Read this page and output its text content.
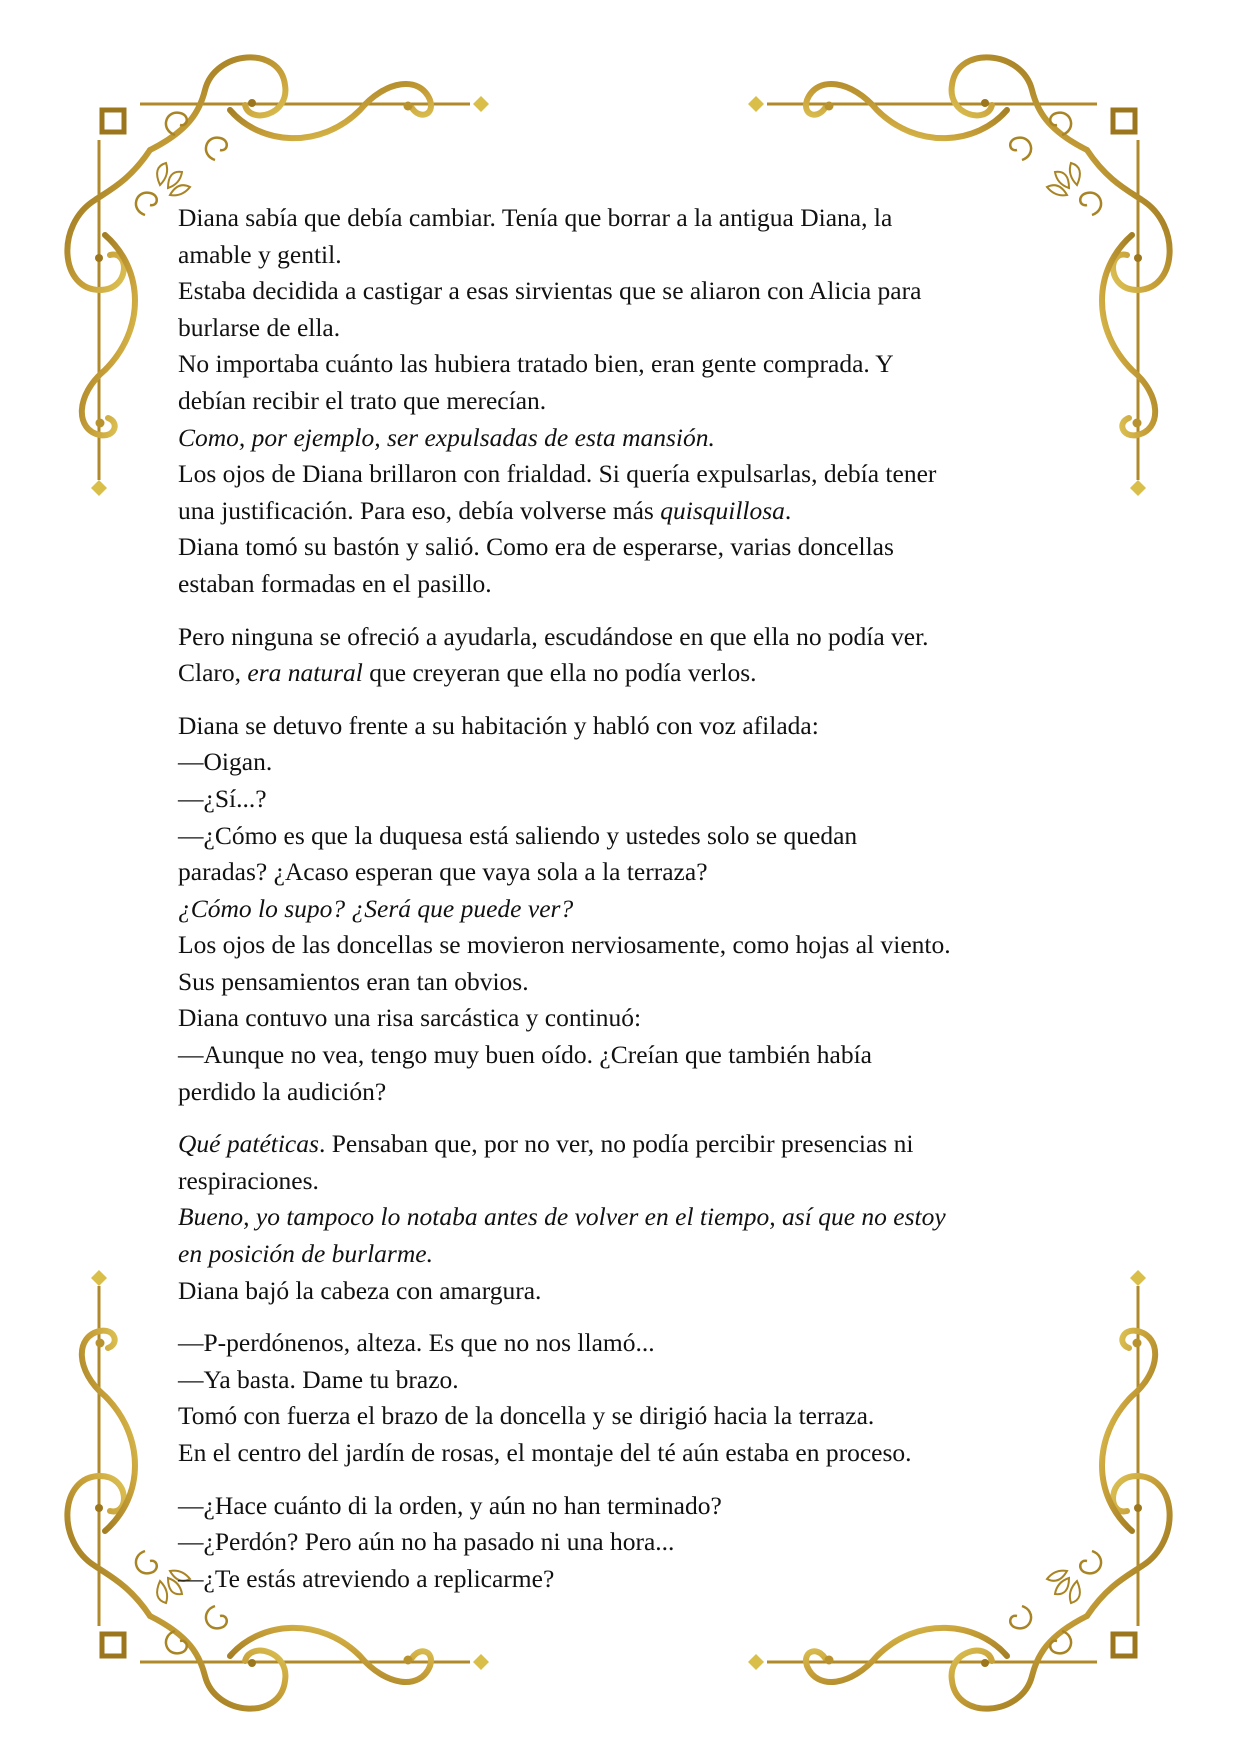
Diana sabía que debía cambiar. Tenía que borrar a la antigua Diana, la
amable y gentil.
Estaba decidida a castigar a esas sirvientas que se aliaron con Alicia para
burlarse de ella.
No importaba cuánto las hubiera tratado bien, eran gente comprada. Y
debían recibir el trato que merecían.
Como, por ejemplo, ser expulsadas de esta mansión.
Los ojos de Diana brillaron con frialdad. Si quería expulsarlas, debía tener
una justificación. Para eso, debía volverse más quisquillosa.
Diana tomó su bastón y salió. Como era de esperarse, varias doncellas
estaban formadas en el pasillo.
Pero ninguna se ofreció a ayudarla, escudándose en que ella no podía ver.
Claro, era natural que creyeran que ella no podía verlos.
Diana se detuvo frente a su habitación y habló con voz afilada:
—Oigan.
—¿Sí...?
—¿Cómo es que la duquesa está saliendo y ustedes solo se quedan
paradas? ¿Acaso esperan que vaya sola a la terraza?
¿Cómo lo supo? ¿Será que puede ver?
Los ojos de las doncellas se movieron nerviosamente, como hojas al viento.
Sus pensamientos eran tan obvios.
Diana contuvo una risa sarcástica y continuó:
—Aunque no vea, tengo muy buen oído. ¿Creían que también había
perdido la audición?
Qué patéticas. Pensaban que, por no ver, no podía percibir presencias ni
respiraciones.
Bueno, yo tampoco lo notaba antes de volver en el tiempo, así que no estoy
en posición de burlarme.
Diana bajó la cabeza con amargura.
—P-perdónenos, alteza. Es que no nos llamó...
—Ya basta. Dame tu brazo.
Tomó con fuerza el brazo de la doncella y se dirigió hacia la terraza.
En el centro del jardín de rosas, el montaje del té aún estaba en proceso.
—¿Hace cuánto di la orden, y aún no han terminado?
—¿Perdón? Pero aún no ha pasado ni una hora...
—¿Te estás atreviendo a replicarme?
